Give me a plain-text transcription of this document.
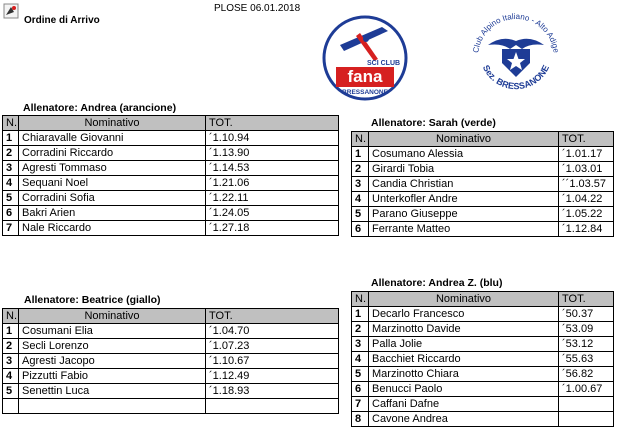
PLOSE 06.01.2018
Ordine di Arrivo
SCI CLUB
fana
BRESSANONE
Club Alpino Italiano - Alto Adige
Sez. BRESSANONE
Allenatore: Andrea (arancione)
N.	Nominativo	TOT.
1	Chiaravalle Giovanni	´1.10.94
2	Corradini Riccardo	´1.13.90
3	Agresti Tommaso	´1.14.53
4	Sequani Noel	´1.21.06
5	Corradini Sofia	´1.22.11
6	Bakri Arien	´1.24.05
7	Nale Riccardo	´1.27.18
Allenatore: Sarah (verde)
N.	Nominativo	TOT.
1	Cosumano Alessia	´1.01.17
2	Girardi Tobia	´1.03.01
3	Candia Christian	´´1.03.57
4	Unterkofler Andre	´1.04.22
5	Parano Giuseppe	´1.05.22
6	Ferrante Matteo	´1.12.84
Allenatore: Beatrice (giallo)
N.	Nominativo	TOT.
1	Cosumani Elia	´1.04.70
2	Secli Lorenzo	´1.07.23
3	Agresti Jacopo	´1.10.67
4	Pizzutti Fabio	´1.12.49
5	Senettin Luca	´1.18.93

Allenatore: Andrea Z. (blu)
N.	Nominativo	TOT.
1	Decarlo Francesco	´50.37
2	Marzinotto Davide	´53.09
3	Palla Jolie	´53.12
4	Bacchiet Riccardo	´55.63
5	Marzinotto Chiara	´56.82
6	Benucci Paolo	´1.00.67
7	Caffani Dafne	
8	Cavone Andrea	
